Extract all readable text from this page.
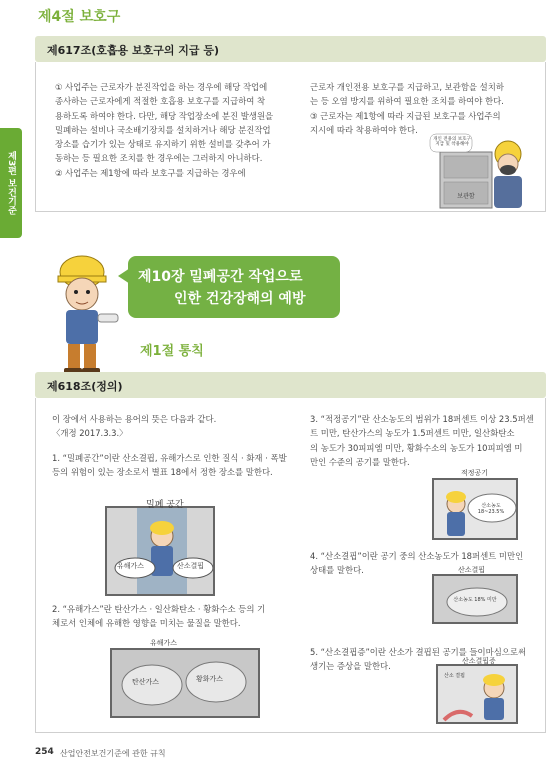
제4절 보호구
제3편 보건기준
제617조(호흡용 보호구의 지급 등)
① 사업주는 근로자가 분진작업을 하는 경우에 해당 작업에
종사하는 근로자에게 적절한 호흡용 보호구를 지급하여 착
용하도록 하여야 한다. 다만, 해당 작업장소에 분진 발생원을
밀폐하는 설비나 국소배기장치를 설치하거나 해당 분진작업
장소를 습기가 있는 상태로 유지하기 위한 설비를 갖추어 가
동하는 등 필요한 조치를 한 경우에는 그러하지 아니하다.
② 사업주는 제1항에 따라 보호구를 지급하는 경우에
근로자 개인전용 보호구를 지급하고, 보관함을 설치하
는 등 오염 방지를 위하여 필요한 조치를 하여야 한다.
③ 근로자는 제1항에 따라 지급된 보호구를 사업주의
지시에 따라 착용하여야 한다.
보관함
개인 전용의 보호구 지급 및 착용해야
제10장 밀폐공간 작업으로
인한 건강장해의 예방
제1절 통칙
제618조(정의)
이 장에서 사용하는 용어의 뜻은 다음과 같다.
〈개정 2017.3.3.〉
1. “밀폐공간”이란 산소결핍, 유해가스로 인한 질식 · 화재 · 폭발
등의 위험이 있는 장소로서 별표 18에서 정한 장소를 말한다.
밀폐 공간
유해가스	산소결핍
2. “유해가스”란 탄산가스 · 일산화탄소 · 황화수소 등의 기
체로서 인체에 유해한 영향을 미치는 물질을 말한다.
유해가스
탄산가스	황화가스
3. “적정공기”란 산소농도의 범위가 18퍼센트 이상 23.5퍼센
트 미만, 탄산가스의 농도가 1.5퍼센트 미만, 일산화탄소
의 농도가 30피피엠 미만, 황화수소의 농도가 10피피엠 미
만인 수준의 공기를 말한다.
적정공기
산소농도 18~23.5%
4. “산소결핍”이란 공기 중의 산소농도가 18퍼센트 미만인
상태를 말한다.	산소결핍
산소농도 18% 미만
5. “산소결핍증”이란 산소가 결핍된 공기를 들이마심으로써
생기는 증상을 말한다.
산소결핍증
산소 결핍
254 산업안전보건기준에 관한 규칙
